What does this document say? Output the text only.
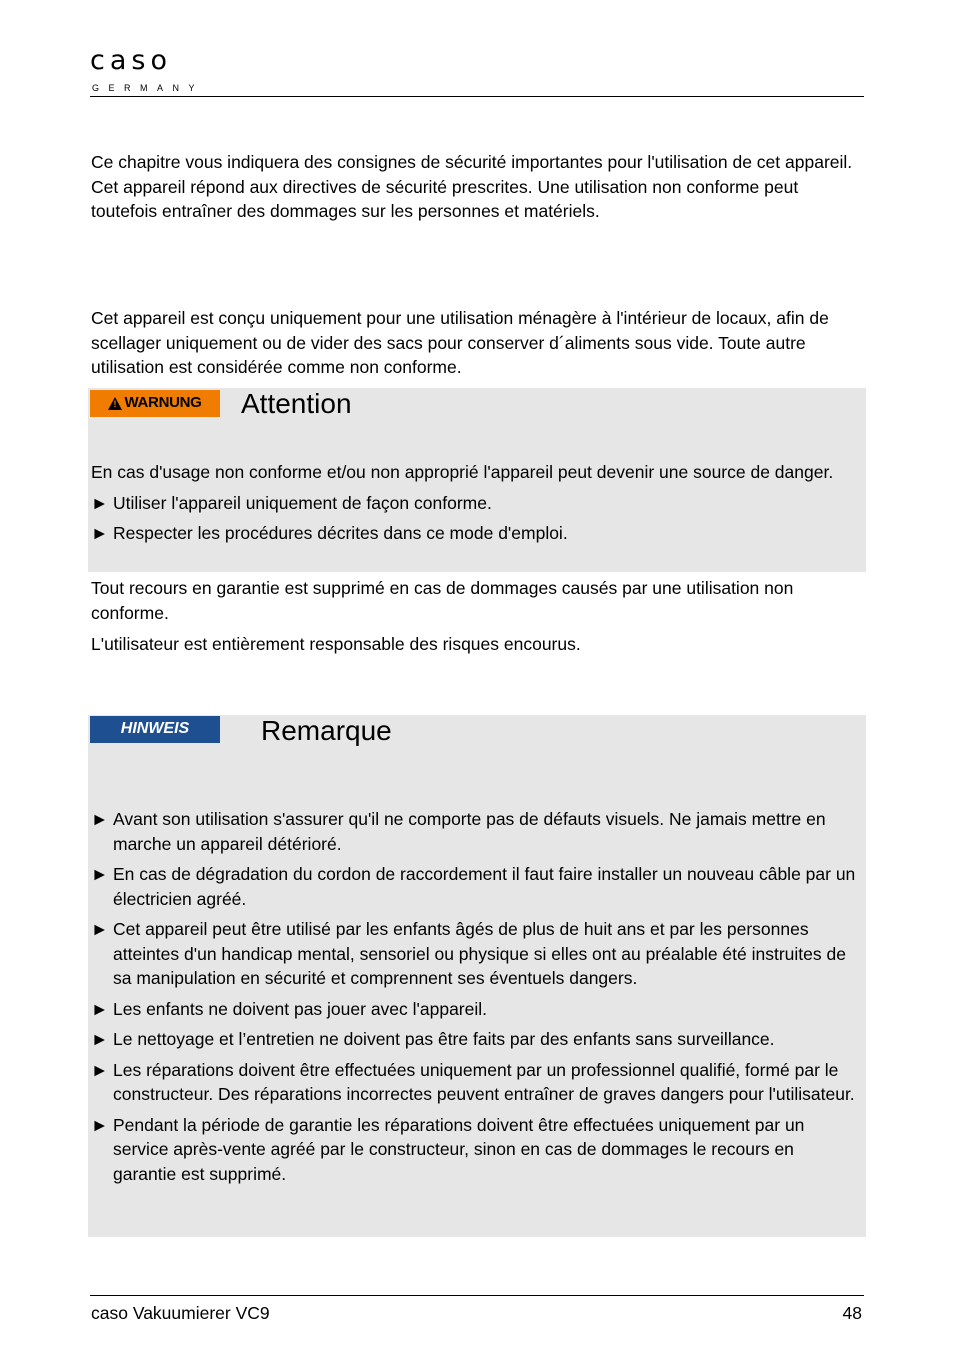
caso
GERMANY
Ce chapitre vous indiquera des consignes de sécurité importantes pour l'utilisation de cet appareil.
Cet appareil répond aux directives de sécurité prescrites. Une utilisation non conforme peut toutefois entraîner des dommages sur les personnes et matériels.

Cet appareil est conçu uniquement pour une utilisation ménagère à l'intérieur de locaux, afin de scellager uniquement ou de vider des sacs pour conserver d´aliments sous vide. Toute autre utilisation est considérée comme non conforme.

! WARNUNG Attention
En cas d'usage non conforme et/ou non approprié l'appareil peut devenir une source de danger.
► Utiliser l'appareil uniquement de façon conforme.
► Respecter les procédures décrites dans ce mode d'emploi.

Tout recours en garantie est supprimé en cas de dommages causés par une utilisation non conforme.

L'utilisateur est entièrement responsable des risques encourus.

HINWEIS	Remarque
► Avant son utilisation s'assurer qu'il ne comporte pas de défauts visuels. Ne jamais mettre en marche un appareil détérioré.
► En cas de dégradation du cordon de raccordement il faut faire installer un nouveau câble par un électricien agréé.
► Cet appareil peut être utilisé par les enfants âgés de plus de huit ans et par les personnes atteintes d'un handicap mental, sensoriel ou physique si elles ont au préalable été instruites de sa manipulation en sécurité et comprennent ses éventuels dangers.
► Les enfants ne doivent pas jouer avec l'appareil.
► Le nettoyage et l’entretien ne doivent pas être faits par des enfants sans surveillance.
► Les réparations doivent être effectuées uniquement par un professionnel qualifié, formé par le constructeur. Des réparations incorrectes peuvent entraîner de graves dangers pour l'utilisateur.
► Pendant la période de garantie les réparations doivent être effectuées uniquement par un service après-vente agréé par le constructeur, sinon en cas de dommages le recours en garantie est supprimé.
caso Vakuumierer VC9	48
